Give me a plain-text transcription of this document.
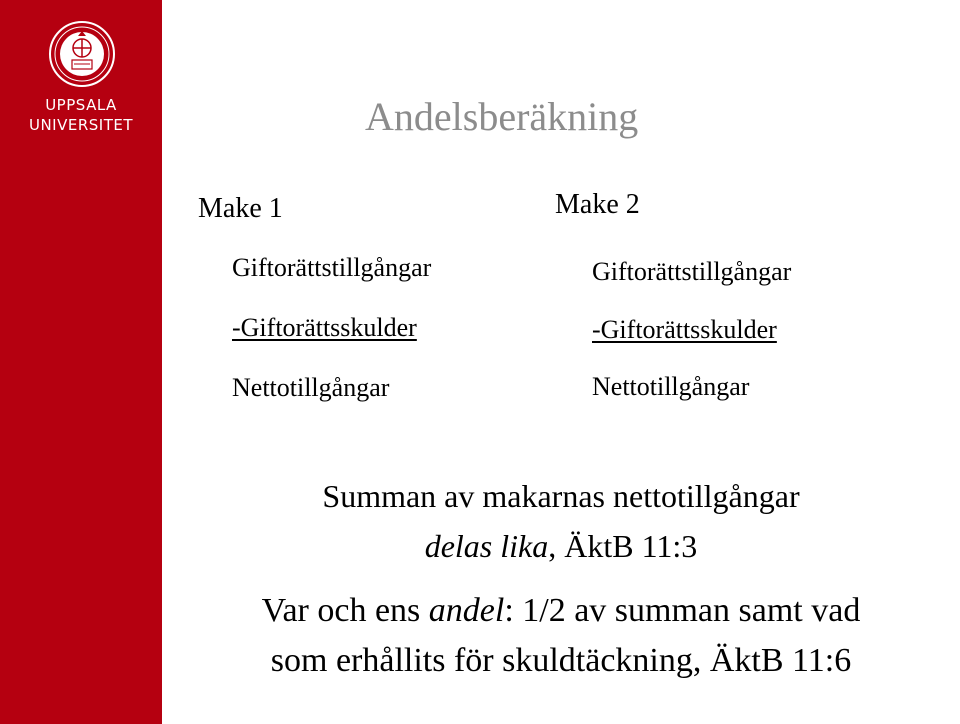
UPPSALA
UNIVERSITET	Andelsberäkning
Make 1
Giftorättstillgångar
-Giftorättsskulder
Nettotillgångar
Make 2
Giftorättstillgångar
-Giftorättsskulder
Nettotillgångar
Summan av makarnas nettotillgångar
delas lika, ÄktB 11:3
Var och ens andel: 1/2 av summan samt vad
som erhållits för skuldtäckning, ÄktB 11:6
